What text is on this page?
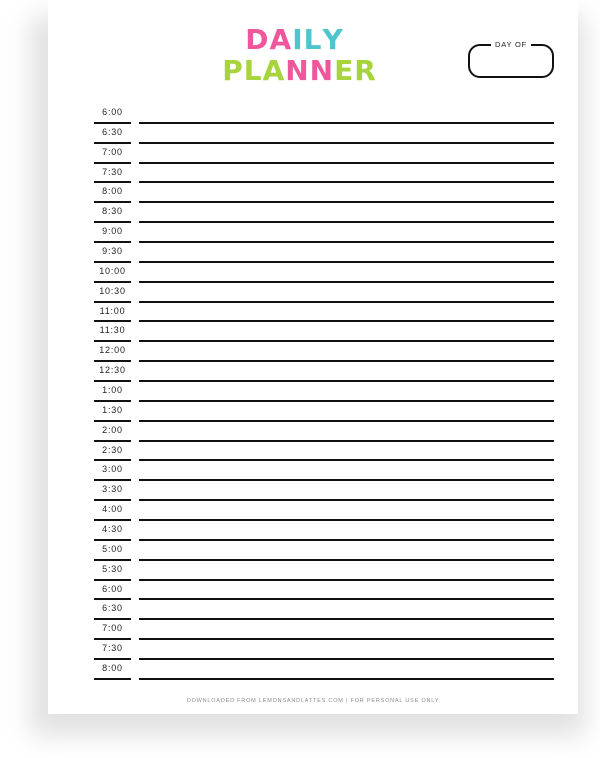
DAILY
PLANNER
DAY OF
6:00
6:30
7:00
7:30
8:00
8:30
9:00
9:30
10:00
10:30
11:00
11:30
12:00
12:30
1:00
1:30
2:00
2:30
3:00
3:30
4:00
4:30
5:00
5:30
6:00
6:30
7:00
7:30
8:00
DOWNLOADED FROM LEMONSANDLATTES.COM | FOR PERSONAL USE ONLY
